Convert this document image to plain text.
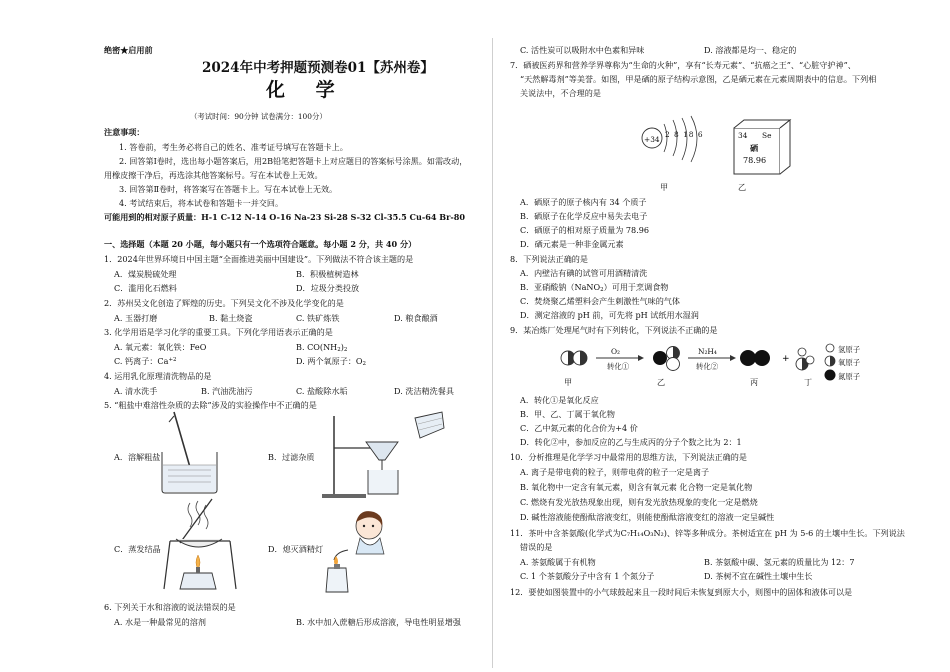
绝密★启用前
2024年中考押题预测卷01【苏州卷】
化 学
（考试时间：90分钟 试卷满分：100分）
注意事项：
1. 答卷前，考生务必将自己的姓名、准考证号填写在答题卡上。
2. 回答第Ⅰ卷时，选出每小题答案后，用2B铅笔把答题卡上对应题目的答案标号涂黑。如需改动，
用橡皮擦干净后，再选涂其他答案标号。写在本试卷上无效。
3. 回答第Ⅱ卷时，将答案写在答题卡上。写在本试卷上无效。
4. 考试结束后，将本试卷和答题卡一并交回。
可能用到的相对原子质量：H-1 C-12 N-14 O-16 Na-23 Si-28 S-32 Cl-35.5 Cu-64 Br-80
一、选择题（本题 20 小题，每小题只有一个选项符合题意。每小题 2 分，共 40 分）
1．2024年世界环境日中国主题“全面推进美丽中国建设”。下列做法不符合该主题的是
A．煤炭脱硫处理	B．积极植树造林
C．滥用化石燃料	D．垃圾分类投放
2．苏州吴文化创造了辉煌的历史。下列吴文化不涉及化学变化的是
A. 玉器打磨	B. 黏土烧瓷	C. 铁矿炼铁	D. 粮食酿酒
3. 化学用语是学习化学的重要工具。下列化学用语表示正确的是
A. 氧元素：氧化铁：FeO	B. $CO(NH_2)_2$
C. 钙离子：$Ca^{+2}$	D. 两个氧原子：$O_2$
4. 运用乳化原理清洗物品的是
A. 清水洗手	B. 汽油洗油污	C. 盐酸除水垢	D. 洗洁精洗餐具
5. “粗盐中难溶性杂质的去除”涉及的实验操作中不正确的是
A．溶解粗盐	B．过滤杂质
C．蒸发结晶	D．熄灭酒精灯
6. 下列关于水和溶液的说法错误的是
A. 水是一种最常见的溶剂	B. 水中加入蔗糖后形成溶液，导电性明显增强
C. 活性炭可以吸附水中色素和异味	D. 溶液都是均一、稳定的
7．硒被医药界和营养学界尊称为“生命的火种”，享有“长寿元素”、“抗癌之王”、“心脏守护神”、
“天然解毒剂”等美誉。如图，甲是硒的原子结构示意图，乙是硒元素在元素周期表中的信息。下列相
关说法中，不合理的是
+34
2 8 18 6	34 Se
硒
78.96
甲	乙
A．硒原子的原子核内有 34 个质子
B．硒原子在化学反应中易失去电子
C．硒原子的相对原子质量为 78.96
D．硒元素是一种非金属元素
8．下列说法正确的是
A．内壁沾有碘的试管可用酒精清洗
B．亚硝酸钠（NaNO$_2$）可用于烹调食物
C．焚烧聚乙烯塑料会产生刺激性气味的气体
D．测定溶液的 pH 前，可先将 pH 试纸用水湿润
9．某冶炼厂处理尾气时有下列转化，下列说法不正确的是
+
O₂
转化①
N₂H₄
转化②
甲	乙	丙	丁
氢原子
氧原子
氮原子
A．转化①是氧化反应
B．甲、乙、丁属于氧化物
C．乙中氮元素的化合价为+4 价
D．转化②中，参加反应的乙与生成丙的分子个数之比为 2：1
10．分析推理是化学学习中最常用的思维方法，下列说法正确的是
A. 离子是带电荷的粒子，则带电荷的粒子一定是离子
B. 氧化物中一定含有氧元素，则含有氧元素 化合物一定是氧化物
C. 燃烧有发光放热现象出现，则有发光放热现象的变化一定是燃烧
D. 碱性溶液能使酚酞溶液变红，则能使酚酞溶液变红的溶液一定呈碱性
11．茶叶中含茶氨酸(化学式为C₇H₁₄O₃N₂)、锌等多种成分。茶树适宜在 pH 为 5-6 的土壤中生长。下列说法
错误的是
A. 茶氨酸属于有机物	B. 茶氨酸中碳、氢元素的质量比为 12：7
C. 1 个茶氨酸分子中含有 1 个氮分子	D. 茶树不宜在碱性土壤中生长
12．要使如图装置中的小气球鼓起来且一段时间后未恢复到原大小，则图中的固体和液体可以是
